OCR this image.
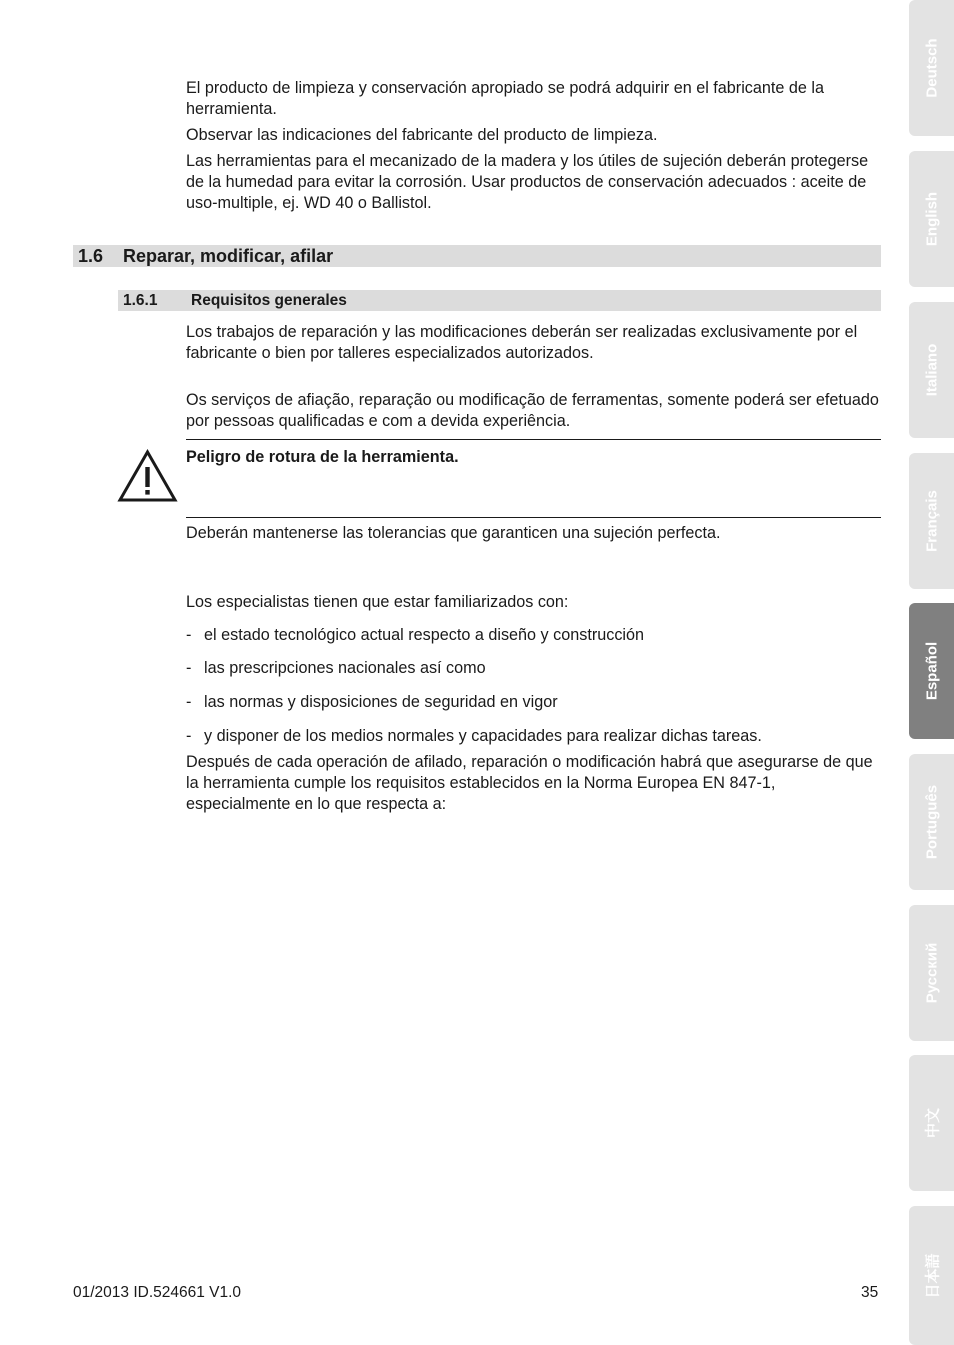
El producto de limpieza y conservación apropiado se podrá adquirir en el fabricante de la herramienta.

Observar las indicaciones del fabricante del producto de limpieza.

Las herramientas para el mecanizado de la madera y los útiles de sujeción deberán protegerse de la humedad para evitar la corrosión. Usar productos de conservación adecuados : aceite de uso-multiple, ej. WD 40 o Ballistol.

1.6 Reparar, modificar, afilar
1.6.1 Requisitos generales

Los trabajos de reparación y las modificaciones deberán ser realizadas exclusivamente por el fabricante o bien por talleres especializados autorizados.

Os serviços de afiação, reparação ou modificação de ferramentas, somente poderá ser efetuado por pessoas qualificadas e com a devida experiência.

Peligro de rotura de la herramienta.

Deberán mantenerse las tolerancias que garanticen una sujeción perfecta.

Los especialistas tienen que estar familiarizados con:

- el estado tecnológico actual respecto a diseño y construcción
- las prescripciones nacionales así como
- las normas y disposiciones de seguridad en vigor
- y disponer de los medios normales y capacidades para realizar dichas tareas.

Después de cada operación de afilado, reparación o modificación habrá que asegurarse de que la herramienta cumple los requisitos establecidos en la Norma Europea EN 847-1, especialmente en lo que respecta a:

Deutsch
English
Italiano
Français
Español
Português
Русский
中文
日本語
01/2013 ID.524661 V1.0	35
